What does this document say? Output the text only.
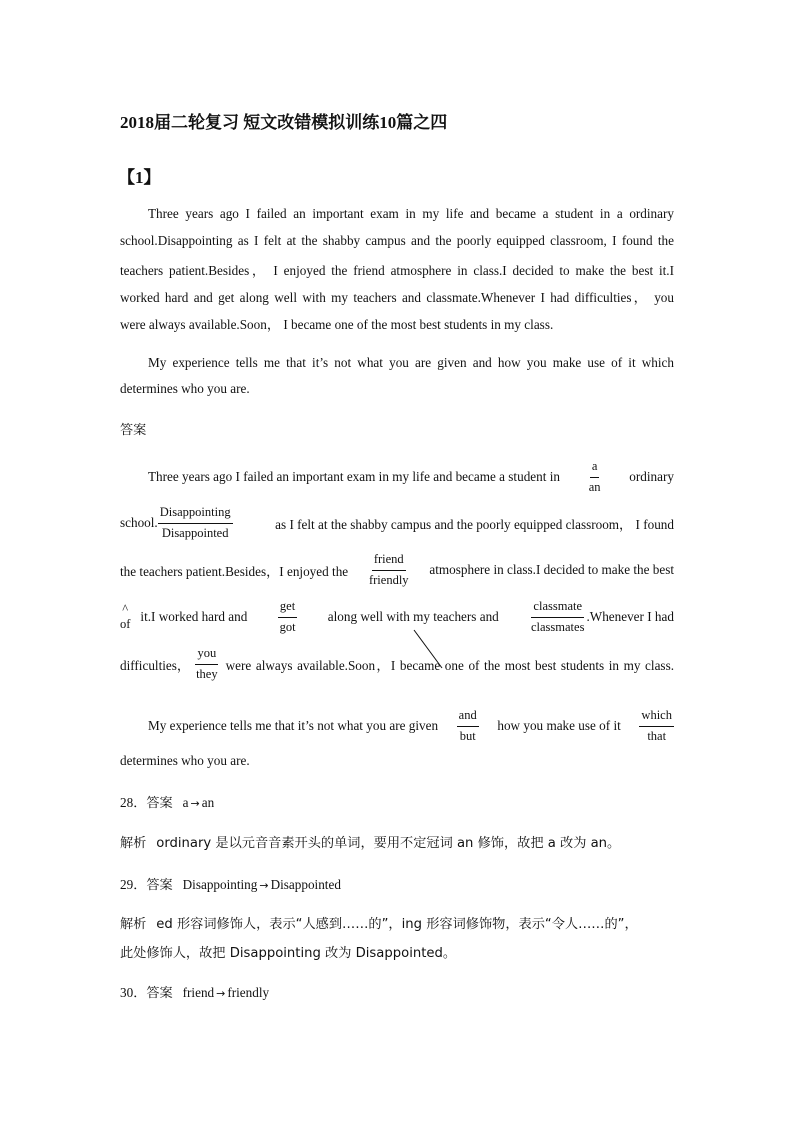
2018届二轮复习 短文改错模拟训练10篇之四
【1】
Three years ago I failed an important exam in my life and became a student in a ordinary
school.Disappointing as I felt at the shabby campus and the poorly equipped classroom, I found the
teachers patient.Besides， I enjoyed the friend atmosphere in class.I decided to make the best it.I
worked hard and get along well with my teachers and classmate.Whenever I had difficulties， you
were always available.Soon， I became one of the most best students in my class.
My experience tells me that it’s not what you are given and how you make use of it which
determines who you are.
答案
Three years ago I failed an important exam in my life and became a student in $\frac{a}{an}$ ordinary
school. $\frac{\text{Disappointing}}{\text{Disappointed}}$	as I felt at the shabby campus and the poorly equipped classroom， I found
the teachers patient.Besides，I enjoyed the $\frac{\text{friend}}{\text{friendly}}$ atmosphere in class.I decided to make the best
^
of it.I worked hard and $\frac{\text{get}}{\text{got}}$ along well with my teachers and $\frac{\text{classmate}}{\text{classmates}}$ .Whenever I had
difficulties， $\frac{\text{you}}{\text{they}}$ were always available.Soon，I became one of the most best students in my class.
My experience tells me that it’s not what you are given $\frac{\text{and}}{\text{but}}$ how you make use of it $\frac{\text{which}}{\text{that}}$
determines who you are.
28．答案 a → an
解析 ordinary 是以元音音素开头的单词，要用不定冠词 an 修饰，故把 a 改为 an。
29．答案 Disappointing → Disappointed
解析 ed 形容词修饰人，表示“人感到……的”，ing 形容词修饰物，表示“令人……的”，
此处修饰人，故把 Disappointing 改为 Disappointed。
30．答案 friend → friendly
